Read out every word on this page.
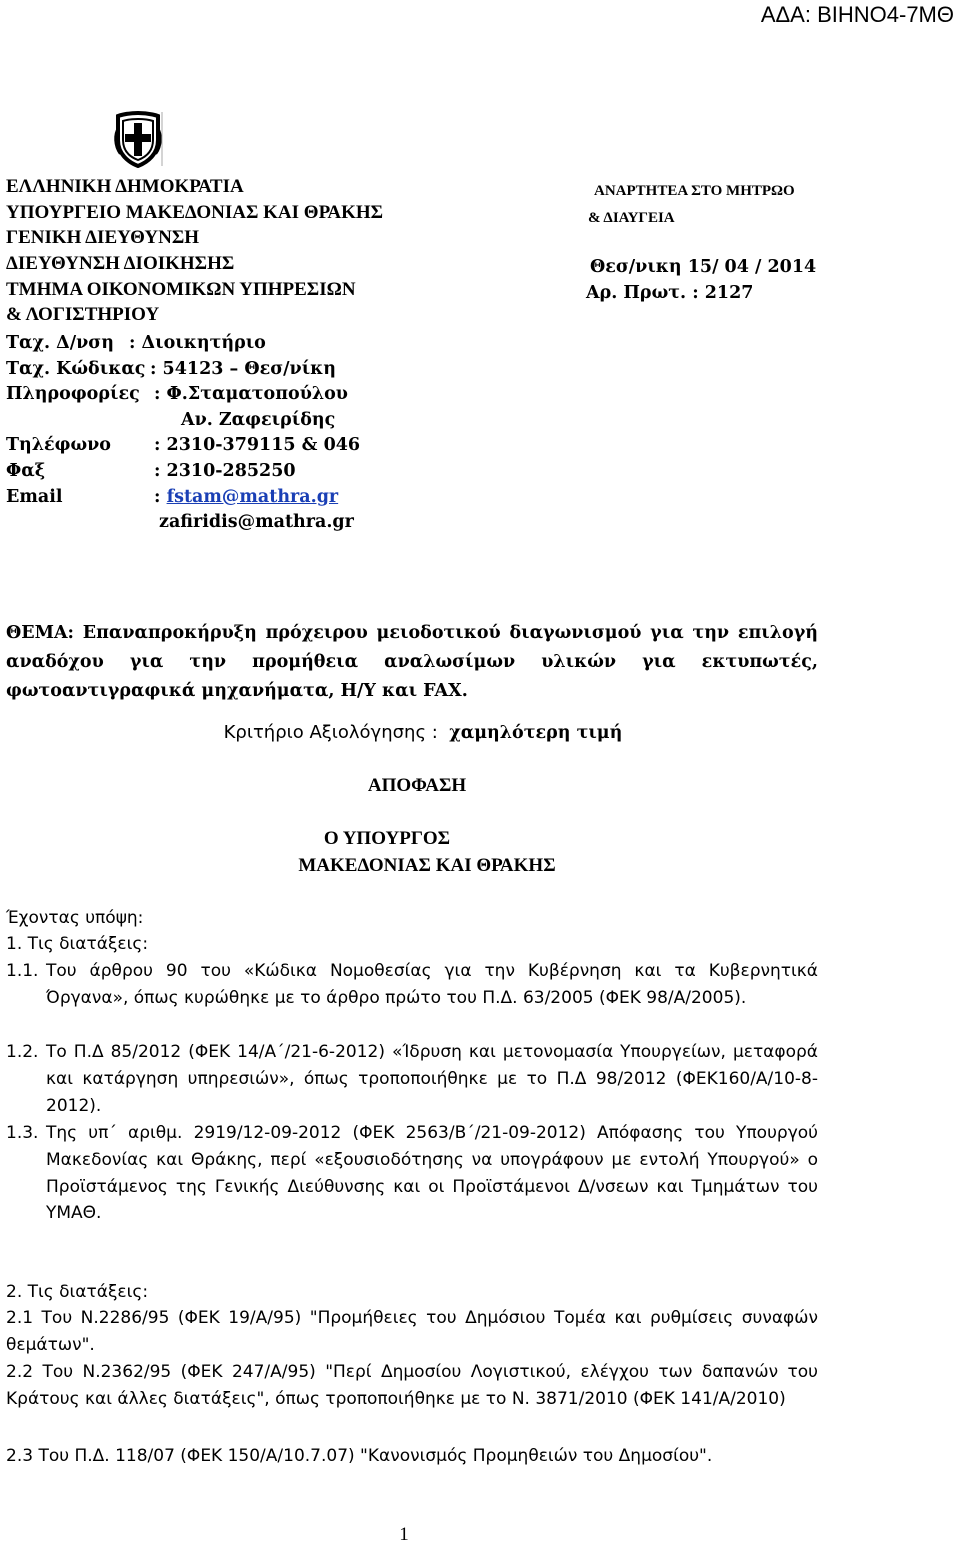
ΑΔΑ: ΒΙΗΝΟ4-7ΜΘ
ΕΛΛΗΝΙΚΗ ΔΗΜΟΚΡΑΤΙΑ
ΥΠΟΥΡΓΕΙΟ ΜΑΚΕΔΟΝΙΑΣ ΚΑΙ ΘΡΑΚΗΣ
ΓΕΝΙΚΗ ΔΙΕΥΘΥΝΣΗ
ΔΙΕΥΘΥΝΣΗ ΔΙΟΙΚΗΣΗΣ
ΤΜΗΜΑ ΟΙΚΟΝΟΜΙΚΩΝ ΥΠΗΡΕΣΙΩΝ
& ΛΟΓΙΣΤΗΡΙΟΥ
ΑΝΑΡΤΗΤΕΑ ΣΤΟ ΜΗΤΡΩΟ
& ΔΙΑΥΓΕΙΑ
Θεσ/νικη 15/ 04 / 2014
Αρ. Πρωτ. : 2127
Ταχ. Δ/νση : Διοικητήριο
Ταχ. Κώδικας : 54123 – Θεσ/νίκη
Πληροφορίες : Φ.Σταματοπούλου
Αν. Ζαφειρίδης
Τηλέφωνο : 2310-379115 & 046
Φαξ	: 2310-285250
Email	: fstam@mathra.gr
zafiridis@mathra.gr
ΘΕΜΑ: Επαναπροκήρυξη πρόχειρου μειοδοτικού διαγωνισμού για την επιλογή αναδόχου για την προμήθεια αναλωσίμων υλικών για εκτυπωτές, φωτοαντιγραφικά μηχανήματα, Η/Υ και FAX.
Κριτήριο Αξιολόγησης : χαμηλότερη τιμή
ΑΠΟΦΑΣΗ
Ο ΥΠΟΥΡΓΟΣ
ΜΑΚΕΔΟΝΙΑΣ ΚΑΙ ΘΡΑΚΗΣ
Έχοντας υπόψη:
1. Τις διατάξεις:
1.1. Του άρθρου 90 του «Κώδικα Νομοθεσίας για την Κυβέρνηση και τα Κυβερνητικά Όργανα», όπως κυρώθηκε με το άρθρο πρώτο του Π.Δ. 63/2005 (ΦΕΚ 98/Α/2005).
1.2. Το Π.Δ 85/2012 (ΦΕΚ 14/Α΄/21-6-2012) «Ίδρυση και μετονομασία Υπουργείων, μεταφορά και κατάργηση υπηρεσιών», όπως τροποποιήθηκε με το Π.Δ 98/2012 (ΦΕΚ160/Α/10-8-2012).
1.3. Της υπ΄ αριθμ. 2919/12-09-2012 (ΦΕΚ 2563/Β΄/21-09-2012) Απόφασης του Υπουργού Μακεδονίας και Θράκης, περί «εξουσιοδότησης να υπογράφουν με εντολή Υπουργού» ο Προϊστάμενος της Γενικής Διεύθυνσης και οι Προϊστάμενοι Δ/νσεων και Τμημάτων του ΥΜΑΘ.
2. Τις διατάξεις:
2.1 Του Ν.2286/95 (ΦΕΚ 19/Α/95) "Προμήθειες του Δημόσιου Τομέα και ρυθμίσεις συναφών θεμάτων".
2.2 Του Ν.2362/95 (ΦΕΚ 247/Α/95) "Περί Δημοσίου Λογιστικού, ελέγχου των δαπανών του Κράτους και άλλες διατάξεις", όπως τροποποιήθηκε με το Ν. 3871/2010 (ΦΕΚ 141/Α/2010)
2.3 Του Π.Δ. 118/07 (ΦΕΚ 150/Α/10.7.07) "Κανονισμός Προμηθειών του Δημοσίου".
1
